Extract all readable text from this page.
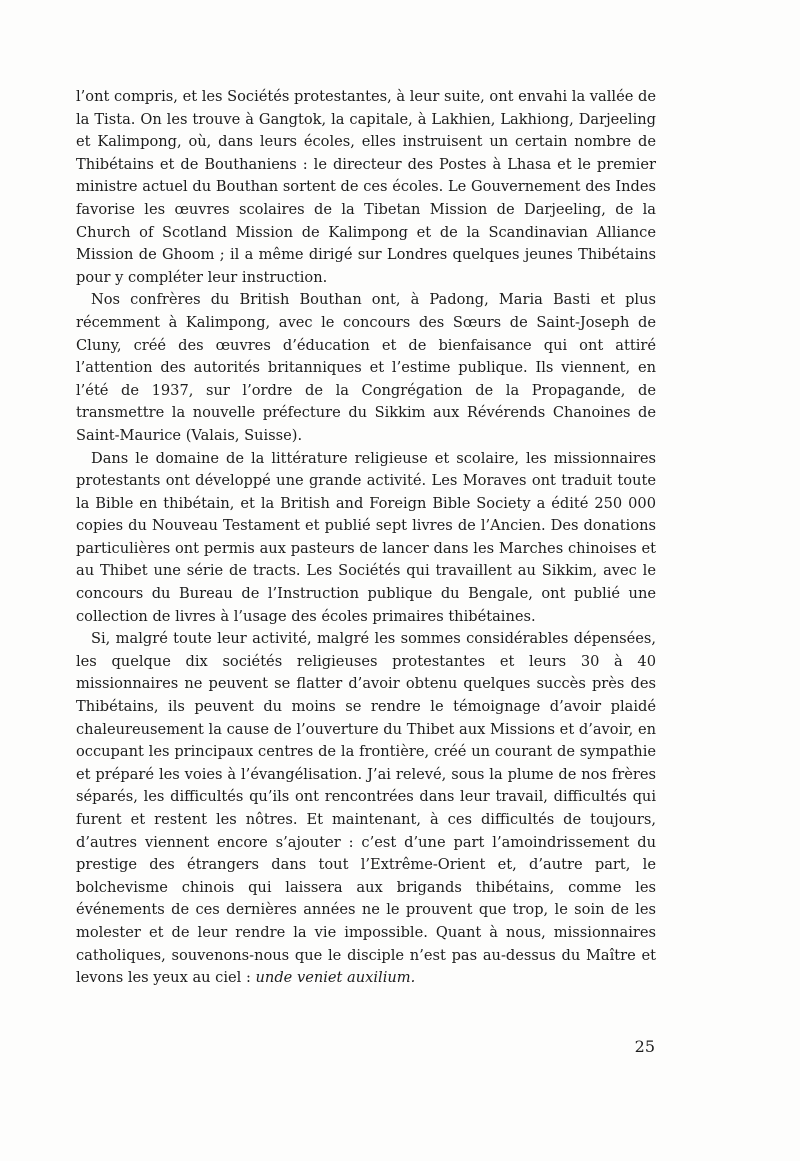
l’ont compris, et les Sociétés protestantes, à leur suite, ont envahi la vallée de la Tista. On les trouve à Gangtok, la capitale, à Lakhien, Lakhiong, Darjeeling et Kalimpong, où, dans leurs écoles, elles instruisent un certain nombre de Thibétains et de Bouthaniens : le directeur des Postes à Lhasa et le premier ministre actuel du Bouthan sortent de ces écoles. Le Gouvernement des Indes favorise les œuvres scolaires de la Tibetan Mission de Darjeeling, de la Church of Scotland Mission de Kalimpong et de la Scandinavian Alliance Mission de Ghoom ; il a même dirigé sur Londres quelques jeunes Thibétains pour y compléter leur instruction.

Nos confrères du British Bouthan ont, à Padong, Maria Basti et plus récemment à Kalimpong, avec le concours des Sœurs de Saint-Joseph de Cluny, créé des œuvres d’éducation et de bienfaisance qui ont attiré l’attention des autorités britanniques et l’estime publique. Ils viennent, en l’été de 1937, sur l’ordre de la Congrégation de la Propagande, de transmettre la nouvelle préfecture du Sikkim aux Révérends Chanoines de Saint-Maurice (Valais, Suisse).

Dans le domaine de la littérature religieuse et scolaire, les missionnaires protestants ont développé une grande activité. Les Moraves ont traduit toute la Bible en thibétain, et la British and Foreign Bible Society a édité 250 000 copies du Nouveau Testament et publié sept livres de l’Ancien. Des donations particulières ont permis aux pasteurs de lancer dans les Marches chinoises et au Thibet une série de tracts. Les Sociétés qui travaillent au Sikkim, avec le concours du Bureau de l’Instruction publique du Bengale, ont publié une collection de livres à l’usage des écoles primaires thibétaines.

Si, malgré toute leur activité, malgré les sommes considérables dépensées, les quelque dix sociétés religieuses protestantes et leurs 30 à 40 missionnaires ne peuvent se flatter d’avoir obtenu quelques succès près des Thibétains, ils peuvent du moins se rendre le témoignage d’avoir plaidé chaleureusement la cause de l’ouverture du Thibet aux Missions et d’avoir, en occupant les principaux centres de la frontière, créé un courant de sympathie et préparé les voies à l’évangélisation. J’ai relevé, sous la plume de nos frères séparés, les difficultés qu’ils ont rencontrées dans leur travail, difficultés qui furent et restent les nôtres. Et maintenant, à ces difficultés de toujours, d’autres viennent encore s’ajouter : c’est d’une part l’amoindrissement du prestige des étrangers dans tout l’Extrême-Orient et, d’autre part, le bolchevisme chinois qui laissera aux brigands thibétains, comme les événements de ces dernières années ne le prouvent que trop, le soin de les molester et de leur rendre la vie impossible. Quant à nous, missionnaires catholiques, souvenons-nous que le disciple n’est pas au-dessus du Maître et levons les yeux au ciel : unde veniet auxilium.

25
